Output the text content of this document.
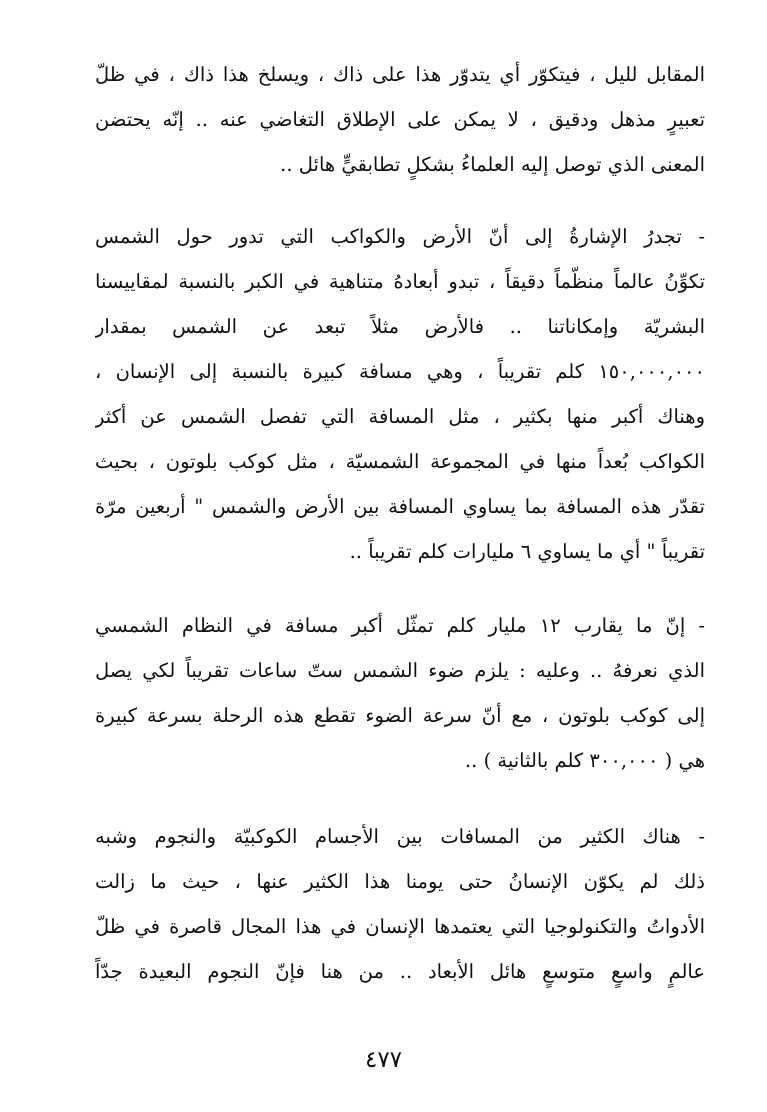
المقابل لليل ، فيتكوّر أي يتدوّر هذا على ذاك ، ويسلخ هذا ذاك ، في ظلّ
تعبيرٍ مذهل ودقيق ، لا يمكن على الإطلاق التغاضي عنه .. إنّه يحتضن
المعنى الذي توصل إليه العلماءُ بشكلٍ تطابقيٍّ هائل ..
- تجدرُ الإشارةُ إلى أنّ الأرض والكواكب التي تدور حول الشمس
تكوِّنُ عالماً منظّماً دقيقاً ، تبدو أبعادهُ متناهية في الكبر بالنسبة لمقاييسنا
البشريّة وإمكاناتنا .. فالأرض مثلاً تبعد عن الشمس بمقدار
١٥٠,٠٠٠,٠٠٠ كلم تقريباً ، وهي مسافة كبيرة بالنسبة إلى الإنسان ،
وهناك أكبر منها بكثير ، مثل المسافة التي تفصل الشمس عن أكثر
الكواكب بُعداً منها في المجموعة الشمسيّة ، مثل كوكب بلوتون ، بحيث
تقدّر هذه المسافة بما يساوي المسافة بين الأرض والشمس " أربعين مرّة
تقريباً " أي ما يساوي ٦ مليارات كلم تقريباً ..
- إنّ ما يقارب ١٢ مليار كلم تمثّل أكبر مسافة في النظام الشمسي
الذي نعرفهُ .. وعليه : يلزم ضوء الشمس ستّ ساعات تقريباً لكي يصل
إلى كوكب بلوتون ، مع أنّ سرعة الضوء تقطع هذه الرحلة بسرعة كبيرة
هي ( ٣٠٠,٠٠٠ كلم بالثانية ) ..
- هناك الكثير من المسافات بين الأجسام الكوكبيّة والنجوم وشبه
ذلك لم يكوّن الإنسانُ حتى يومنا هذا الكثير عنها ، حيث ما زالت
الأدواتُ والتكنولوجيا التي يعتمدها الإنسان في هذا المجال قاصرة في ظلّ
عالمٍ واسعٍ متوسعٍ هائل الأبعاد .. من هنا فإنّ النجوم البعيدة جدّاً
٤٧٧
